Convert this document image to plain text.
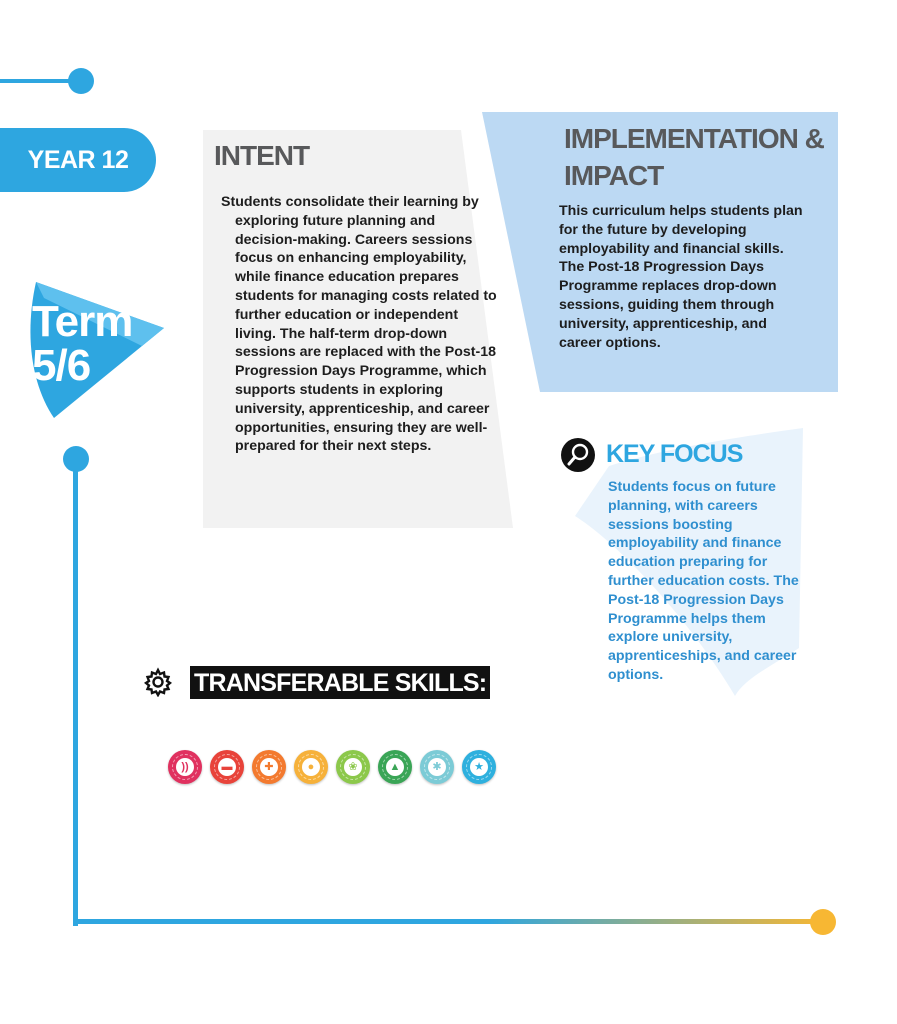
YEAR 12
Term
5/6
INTENT
Students consolidate their learning by exploring future planning and decision-making. Careers sessions focus on enhancing employability, while finance education prepares students for managing costs related to further education or independent living. The half-term drop-down sessions are replaced with the Post-18 Progression Days Programme, which supports students in exploring university, apprenticeship, and career opportunities, ensuring they are well-prepared for their next steps.
IMPLEMENTATION & IMPACT
This curriculum helps students plan for the future by developing employability and financial skills. The Post-18 Progression Days Programme replaces drop-down sessions, guiding them through university, apprenticeship, and career options.
KEY FOCUS
Students focus on future planning, with careers sessions boosting employability and finance education preparing for further education costs. The Post-18 Progression Days Programme helps them explore university, apprenticeships, and career options.
TRANSFERABLE SKILLS:
))	▬	✚	●	❀	▲	✱	★
